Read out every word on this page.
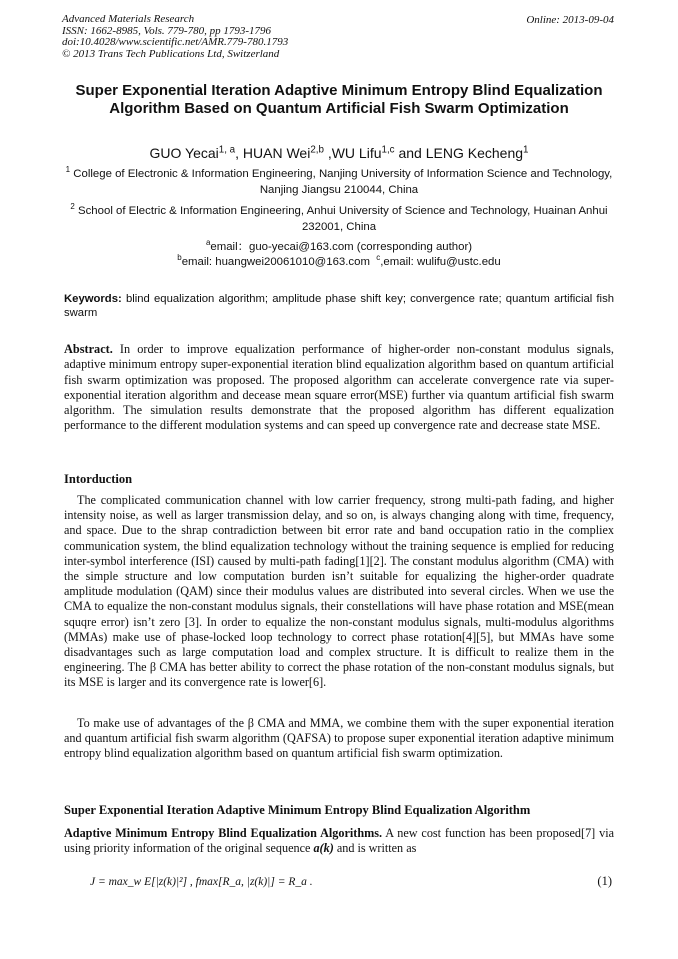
Advanced Materials Research
ISSN: 1662-8985, Vols. 779-780, pp 1793-1796
doi:10.4028/www.scientific.net/AMR.779-780.1793
© 2013 Trans Tech Publications Ltd, Switzerland
Online: 2013-09-04
Super Exponential Iteration Adaptive Minimum Entropy Blind Equalization Algorithm Based on Quantum Artificial Fish Swarm Optimization
GUO Yecai$^{1, a}$, HUAN Wei$^{2,b}$ ,WU Lifu$^{1,c}$ and LENG Kecheng$^1$
$^1$ College of Electronic & Information Engineering, Nanjing University of Information Science and Technology, Nanjing Jiangsu 210044, China
$^2$ School of Electric & Information Engineering, Anhui University of Science and Technology, Huainan Anhui 232001, China
$^a$email：guo-yecai@163.com (corresponding author)
$^b$email: huangwei20061010@163.com $^c$,email: wulifu@ustc.edu
Keywords: blind equalization algorithm; amplitude phase shift key; convergence rate; quantum artificial fish swarm
Abstract. In order to improve equalization performance of higher-order non-constant modulus signals, adaptive minimum entropy super-exponential iteration blind equalization algorithm based on quantum artificial fish swarm optimization was proposed. The proposed algorithm can accelerate convergence rate via super-exponential iteration algorithm and decease mean square error(MSE) further via quantum artificial fish swarm algorithm. The simulation results demonstrate that the proposed algorithm has different equalization performance to the different modulation systems and can speed up convergence rate and decrease state MSE.
Intorduction
The complicated communication channel with low carrier frequency, strong multi-path fading, and higher intensity noise, as well as larger transmission delay, and so on, is always changing along with time, frequency, and space. Due to the shrap contradiction between bit error rate and band occupation ratio in the compliex communication system, the blind equalization technology without the training sequence is emplied for reducing inter-symbol interference (ISI) caused by multi-path fading[1][2]. The constant modulus algorithm (CMA) with the simple structure and low computation burden isn’t suitable for equalizing the higher-order quadrate amplitude modulation (QAM) since their modulus values are distributed into several circles. When we use the CMA to equalize the non-constant modulus signals, their constellations will have phase rotation and MSE(mean squqre error) isn’t zero [3]. In order to equalize the non-constant modulus signals, multi-modulus algorithms (MMAs) make use of phase-locked loop technology to correct phase rotation[4][5], but MMAs have some disadvantages such as large computation load and complex structure. It is difficult to realize them in the engineering. The β CMA has better ability to correct the phase rotation of the non-constant modulus signals, but its MSE is larger and its convergence rate is lower[6].
To make use of advantages of the β CMA and MMA, we combine them with the super exponential iteration and quantum artificial fish swarm algorithm (QAFSA) to propose super exponential iteration adaptive minimum entropy blind equalization algorithm based on quantum artificial fish swarm optimization.
Super Exponential Iteration Adaptive Minimum Entropy Blind Equalization Algorithm
Adaptive Minimum Entropy Blind Equalization Algorithms. A new cost function has been proposed[7] via using priority information of the original sequence a(k) and is written as
J = max_w E[|z(k)|²] , fmax[R_a, |z(k)|] = R_a .	(1)
